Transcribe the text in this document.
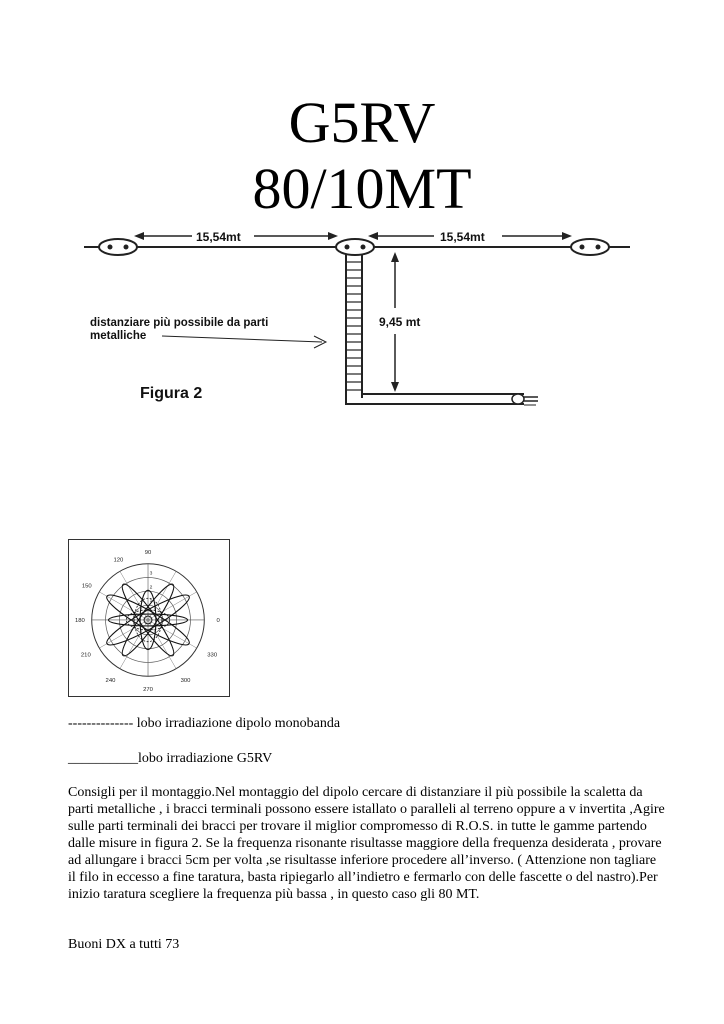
G5RV
80/10MT
15,54mt	15,54mt
9,45 mt
distanziare più possibile da parti
metalliche
Figura 2
90
120
150
180
210
240
270
300
330
0
1
2
3
-------------- lobo irradiazione dipolo monobanda
__________lobo irradiazione G5RV
Consigli per il montaggio.Nel montaggio del dipolo cercare di distanziare il più possibile la scaletta da parti metalliche , i bracci terminali possono essere istallato o paralleli al terreno oppure a v invertita ,Agire sulle parti terminali dei bracci per trovare il miglior compromesso di R.O.S. in tutte le gamme partendo dalle misure in figura 2. Se la frequenza risonante risultasse maggiore della frequenza desiderata , provare ad allungare i bracci 5cm per volta ,se risultasse inferiore procedere all’inverso. ( Attenzione non tagliare il filo in eccesso a fine taratura, basta ripiegarlo all’indietro e fermarlo con delle fascette o del nastro).Per inizio taratura scegliere la frequenza più bassa , in questo caso gli 80 MT.
Buoni DX a tutti 73
